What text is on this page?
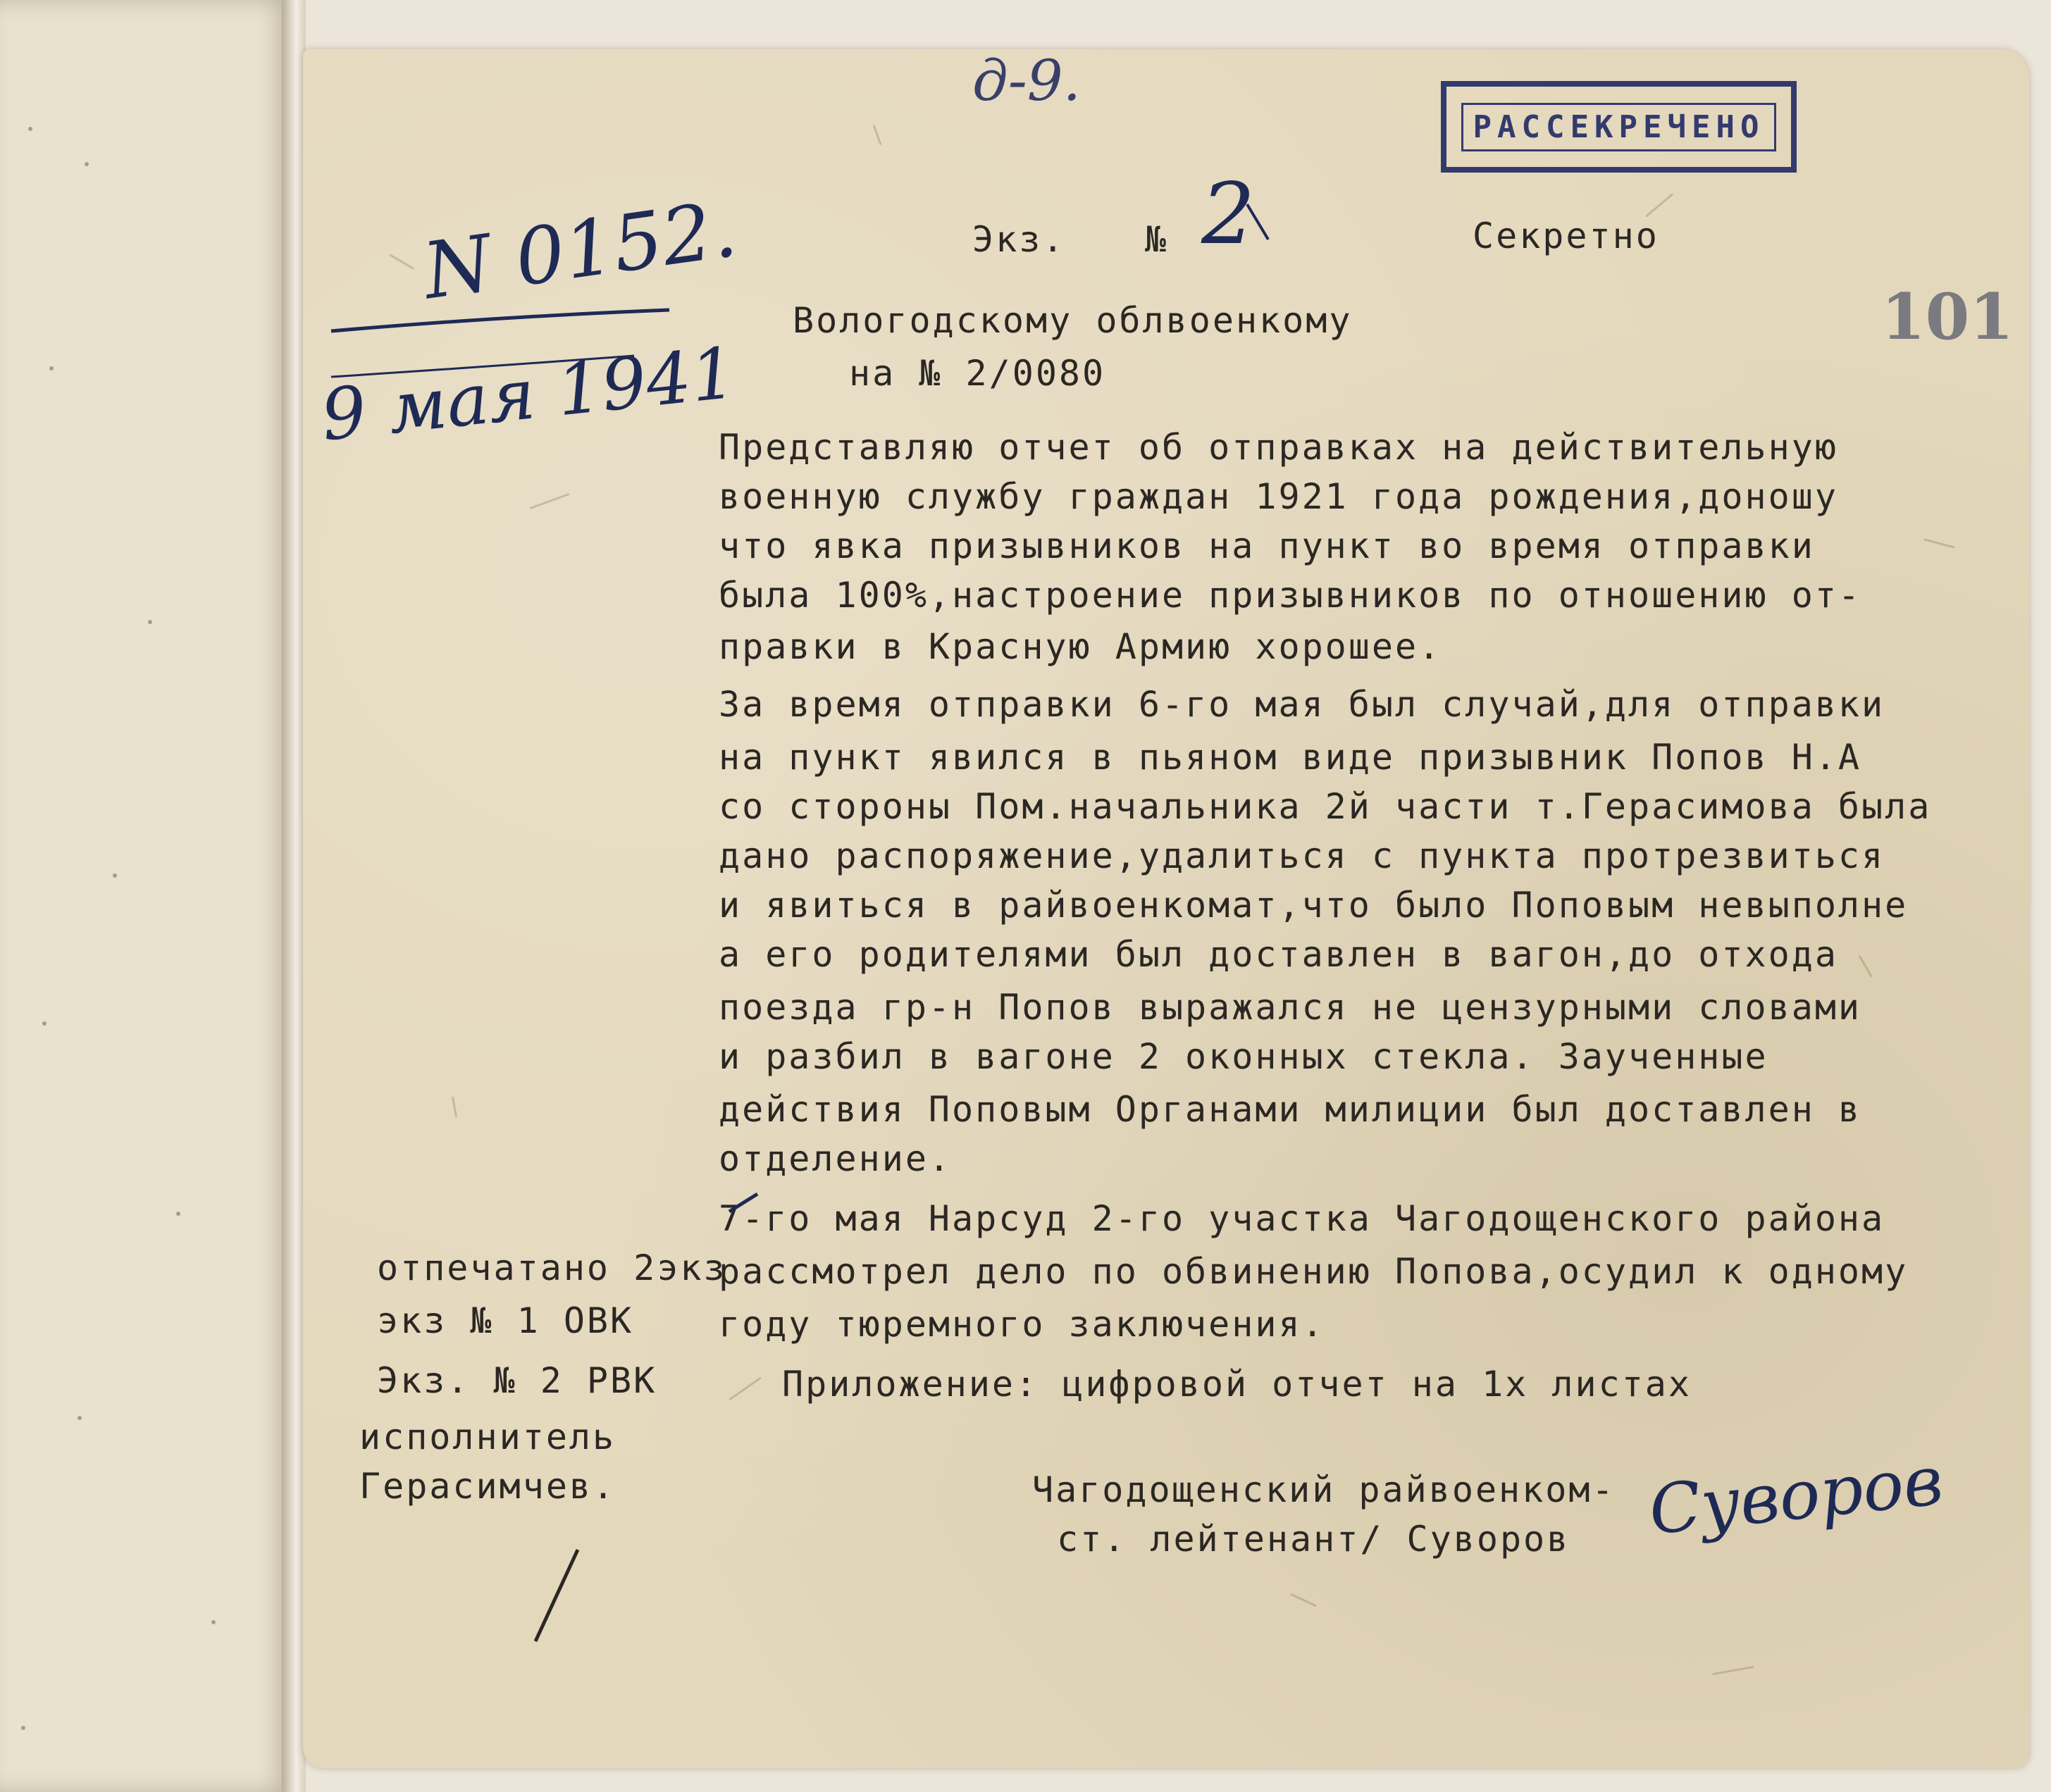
д-9.
101
РАССЕКРЕЧЕНО
N 0152.
9 мая 1941
Экз. № 2	Секретно
Вологодскому облвоенкому
на № 2/0080
Представляю отчет об отправках на действительную
военную службу граждан 1921 года рождения,доношу
что явка призывников на пункт во время отправки
была 100%,настроение призывников по отношению от-
правки в Красную Армию хорошее.
За время отправки 6-го мая был случай,для отправки
на пункт явился в пьяном виде призывник Попов Н.А
со стороны Пом.начальника 2й части т.Герасимова была
дано распоряжение,удалиться с пункта протрезвиться
и явиться в райвоенкомат,что было Поповым невыполне
а его родителями был доставлен в вагон,до отхода
поезда гр-н Попов выражался не цензурными словами
и разбил в вагоне 2 оконных стекла. Заученные
действия Поповым Органами милиции был доставлен в
отделение.
7-го мая Нарсуд 2-го участка Чагодощенского района
рассмотрел дело по обвинению Попова,осудил к одному
году тюремного заключения.
Приложение: цифровой отчет на 1х листах
отпечатано 2экз
экз № 1 ОВК
Экз. № 2 РВК
исполнитель
Герасимчев.	Чагодощенский райвоенком-
ст. лейтенант/ Суворов Суворов
